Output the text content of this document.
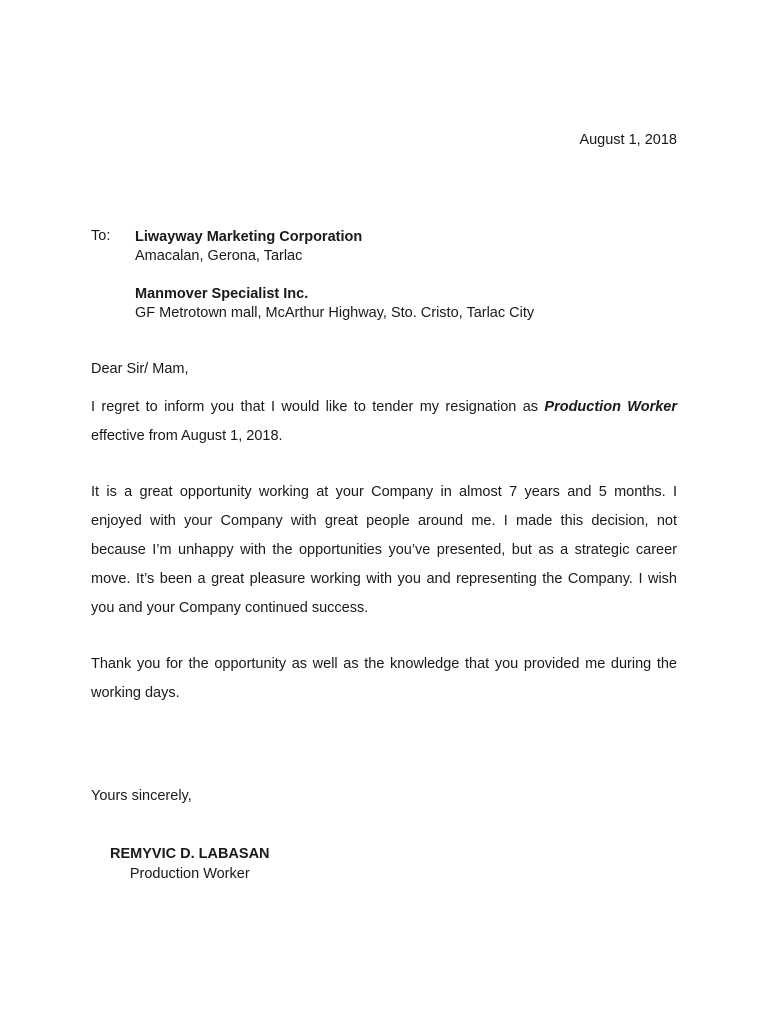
August 1, 2018
To: Liwayway Marketing Corporation
Amacalan, Gerona, Tarlac
Manmover Specialist Inc.
GF Metrotown mall, McArthur Highway, Sto. Cristo, Tarlac City
Dear Sir/ Mam,

I regret to inform you that I would like to tender my resignation as Production Worker effective from August 1, 2018.

It is a great opportunity working at your Company in almost 7 years and 5 months. I enjoyed with your Company with great people around me. I made this decision, not because I’m unhappy with the opportunities you’ve presented, but as a strategic career move. It’s been a great pleasure working with you and representing the Company. I wish you and your Company continued success.

Thank you for the opportunity as well as the knowledge that you provided me during the working days.

Yours sincerely,
REMYVIC D. LABASAN
Production Worker
